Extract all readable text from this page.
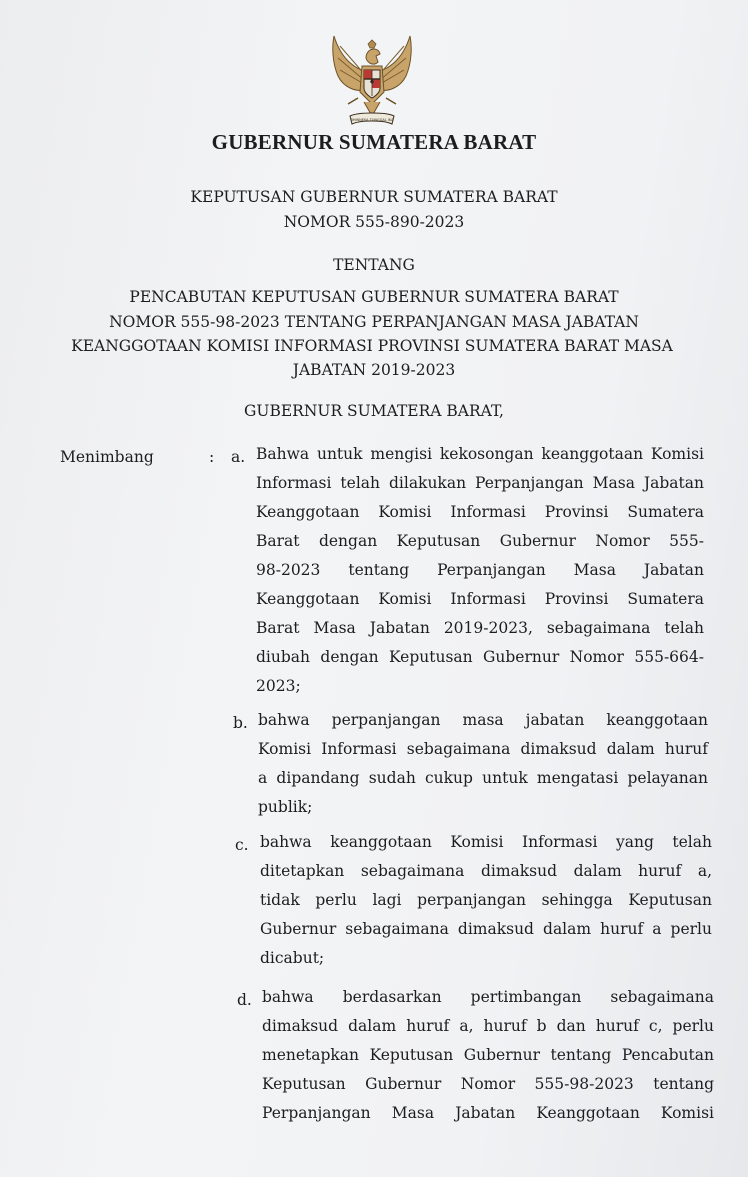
BHINNEKA TUNGGAL IKA
GUBERNUR SUMATERA BARAT
KEPUTUSAN GUBERNUR SUMATERA BARAT
NOMOR 555-890-2023
TENTANG
PENCABUTAN KEPUTUSAN GUBERNUR SUMATERA BARAT
NOMOR 555-98-2023 TENTANG PERPANJANGAN MASA JABATAN
KEANGGOTAAN KOMISI INFORMASI PROVINSI SUMATERA BARAT MASA
JABATAN 2019-2023
GUBERNUR SUMATERA BARAT,
Menimbang	: a. Bahwa untuk mengisi kekosongan keanggotaan Komisi
Informasi telah dilakukan Perpanjangan Masa Jabatan
Keanggotaan Komisi Informasi Provinsi Sumatera
Barat dengan Keputusan Gubernur Nomor 555-
98-2023 tentang Perpanjangan Masa Jabatan
Keanggotaan Komisi Informasi Provinsi Sumatera
Barat Masa Jabatan 2019-2023, sebagaimana telah
diubah dengan Keputusan Gubernur Nomor 555-664-
2023;
b. bahwa perpanjangan masa jabatan keanggotaan
Komisi Informasi sebagaimana dimaksud dalam huruf
a dipandang sudah cukup untuk mengatasi pelayanan
publik;
c. bahwa keanggotaan Komisi Informasi yang telah
ditetapkan sebagaimana dimaksud dalam huruf a,
tidak perlu lagi perpanjangan sehingga Keputusan
Gubernur sebagaimana dimaksud dalam huruf a perlu
dicabut;
d. bahwa berdasarkan pertimbangan sebagaimana
dimaksud dalam huruf a, huruf b dan huruf c, perlu
menetapkan Keputusan Gubernur tentang Pencabutan
Keputusan Gubernur Nomor 555-98-2023 tentang
Perpanjangan Masa Jabatan Keanggotaan Komisi
